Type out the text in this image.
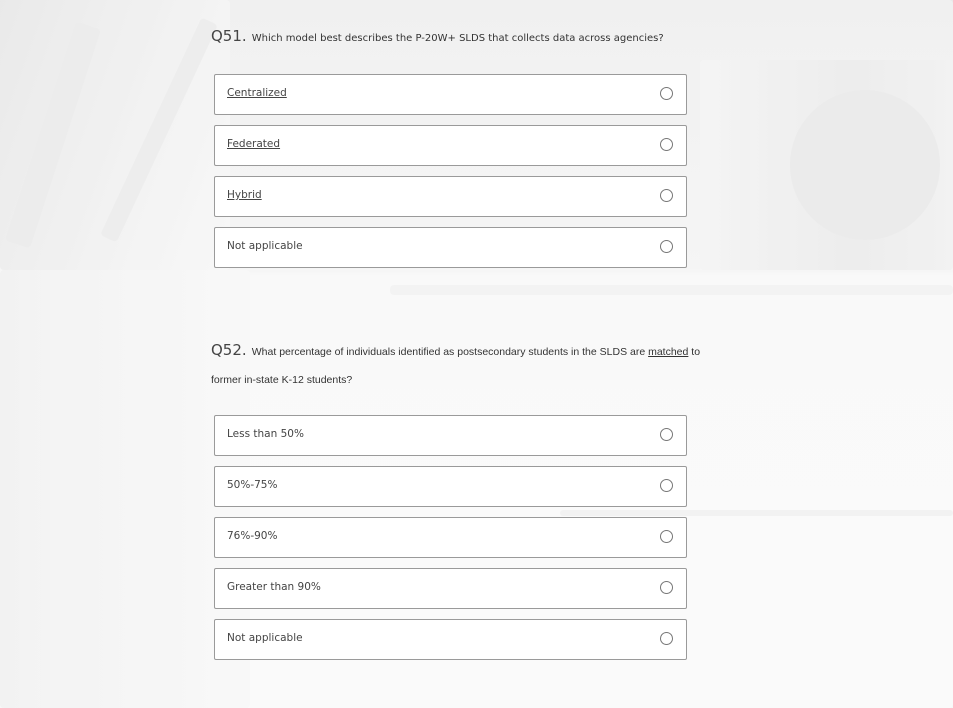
Q51. Which model best describes the P-20W+ SLDS that collects data across agencies?

Centralized
Federated
Hybrid
Not applicable

Q52. What percentage of individuals identified as postsecondary students in the SLDS are matched to former in-state K-12 students?

Less than 50%
50%-75%
76%-90%
Greater than 90%
Not applicable
